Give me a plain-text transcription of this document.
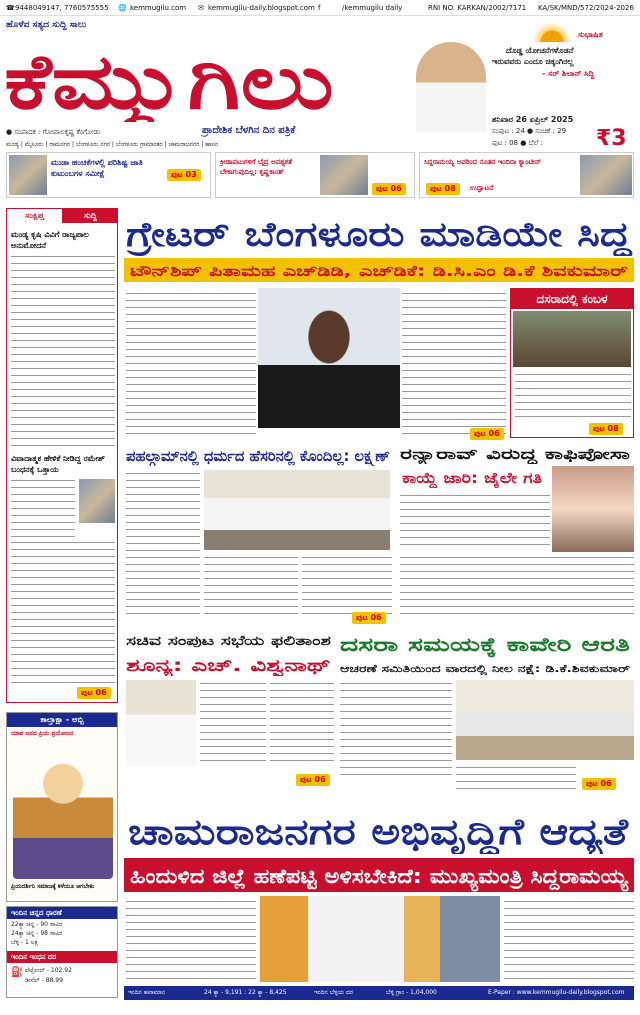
☎ 9448049147, 7760575555 🌐 kemmugilu.com ✉ kemmugilu-daily.blogspot.com f	/kemmugilu daily	RNI NO. KARKAN/2002/7171 KA/SK/MND/572/2024-2026
ಹೊಳೆವ ಸತ್ಯದ ಸುದ್ದಿ ಸಾಲು
ಕೆಮ್ಮುಗಿಲು
● ಸಂಪಾದಕ : ಗೋಪಾಲಕೃಷ್ಣ ಕೆಂಗೋಡು	ಪ್ರಾದೇಶಿಕ ಬೆಳಗಿನ ದಿನ ಪತ್ರಿಕೆ
ಮಂಡ್ಯ | ಮೈಸೂರು | ರಾಮನಗರ | ಬೆಂಗಳೂರು ನಗರ | ಬೆಂಗಳೂರು ಗ್ರಾಮಾಂತರ | ಚಾಮರಾಜನಗರ | ಹಾಸನ
ಸುಭಾಷಿತ
ದೊಡ್ಡ ಯೋಚನೆಗಳೊಡನೆ
ಇರುವವರು ಎಂದೂ ಚಿಕ್ಕಂಗಿರಲ್ಲ
- ಸರ್ ಶಿಲಾನ್ ಸಿದ್ದಿ
ಶನಿವಾರ 26 ಏಪ್ರಿಲ್ 2025
ಸಂಪುಟ : 24 ● ಸಂಚಿಕೆ : 29
ಪುಟ : 08 ● ಬೆಲೆ : ₹3
ಮುಡಾ ಹಂಚಿಕೆಗಳಲ್ಲಿ ಪರಿಶಿಷ್ಟ ಜಾತಿ ಕುಟುಂಬಗಳ ಸಮೀಕ್ಷೆ	ಪುಟ 03
ಕ್ರೀಡಾಪಟುಗಳಿಗೆ ಬೈದ್ರ ಅವಶ್ಯಕತೆ ಬೇಕಾಗುವುದಿಲ್ಲ: ಕೃಷ್ಣಕಾಂತ್
ಪುಟ 06
ಸಿದ್ದರಾಮಯ್ಯ ಅವರಿಂದ ನೂತನ ಇಂದಿರಾ ಕ್ಯಾಂಟೀನ್
ಪುಟ 08	ಉದ್ಘಾಟನೆ
ಸಂಕ್ಷಿಪ್ತ	ಸುದ್ದಿ
ಮಂಡ್ಯ ಕೃಷಿ ವಿವಿಗೆ ರಾಜ್ಯಪಾಲ ಅನುಮೋದನೆ
ವಿವಾದಾತ್ಮಕ ಹೇಳಿಕೆ ನೀಡಿದ್ದ ರಮೇಶ್ ಬಂಧನಕ್ಕೆ ಒತ್ತಾಯ
ಪುಟ 06
ಕಾಲ್ತಾಕ್ಷಾ - ಅಬ್ಬಿ
ಯಾವ ಜನದ ಪ್ರಿಯ ಪ್ರಯೋಜನ
ಪ್ರಿಯದರ್ಶಿನಿ ಸಮಾಜಕ್ಕೆ ಕಳೆಯೂ ಆಗಬೇಕು
ಇಂದಿನ ಚಿನ್ನದ ಧಾರಣೆ
22ಕ್ಯಾ ಚಿನ್ನ - 90 ಸಾವಿರ
24ಕ್ಯಾ ಚಿನ್ನ - 98 ಸಾವಿರ
ಬೆಳ್ಳಿ - 1 ಲಕ್ಷ
ಇಂದಿನ ಇಂಧನ ದರ
⛽ ಪೆಟ್ರೋಲ್ - 102.92
ಡೀಸೆಲ್ - 88.99
ಗ್ರೇಟರ್ ಬೆಂಗಳೂರು ಮಾಡಿಯೇ ಸಿದ್ಧ
ಟೌನ್‌ಶಿಪ್ ಪಿತಾಮಹ ಎಚ್‌ಡಿಡಿ, ಎಚ್‌ಡಿಕೆ: ಡಿ.ಸಿ.ಎಂ ಡಿ.ಕೆ ಶಿವಕುಮಾರ್
ಪುಟ 06
ದಸರಾದಲ್ಲಿ ಕಂಬಳ
ಪುಟ 08
ಪಹಲ್ಗಾಮ್‌ನಲ್ಲಿ ಧರ್ಮದ ಹೆಸರಿನಲ್ಲಿ ಕೊಂದಿಲ್ಲ: ಲಕ್ಷ್ಮಣ್
ಪುಟ 06
ರನ್ಯಾರಾವ್ ವಿರುದ್ಧ ಕಾಫಿಪೋಸಾ
ಕಾಯ್ದೆ ಜಾರಿ: ಜೈಲೇ ಗತಿ
ಸಚಿವ ಸಂಪುಟ ಸಭೆಯ ಫಲಿತಾಂಶ
ಶೂನ್ಯ: ಎಚ್. ವಿಶ್ವನಾಥ್
ಪುಟ 06
ದಸರಾ ಸಮಯಕ್ಕೆ ಕಾವೇರಿ ಆರತಿ
ಆಚರಣೆ ಸಮಿತಿಯಿಂದ ವಾರದಲ್ಲಿ ನೀಲ ನಕ್ಷೆ: ಡಿ.ಕೆ.ಶಿವಕುಮಾರ್
ಪುಟ 06
ಚಾಮರಾಜನಗರ ಅಭಿವೃದ್ಧಿಗೆ ಆದ್ಯತೆ
ಹಿಂದುಳಿದ ಜಿಲ್ಲೆ ಹಣೆಪಟ್ಟಿ ಅಳಿಸಬೇಕಿದೆ: ಮುಖ್ಯಮಂತ್ರಿ ಸಿದ್ದರಾಮಯ್ಯ
ಇಂದಿನ ಹವಾಮಾನ	24 ಕ್ಯಾ - 9,191 : 22 ಕ್ಯಾ - 8,425	ಇಂದಿನ ಬೆಳ್ಳಿಯ ದರ	ಬೆಳ್ಳಿ ಗ್ರಾಂ - 1,04,000	E-Paper : www.kemmugilu-daily.blogspot.com
